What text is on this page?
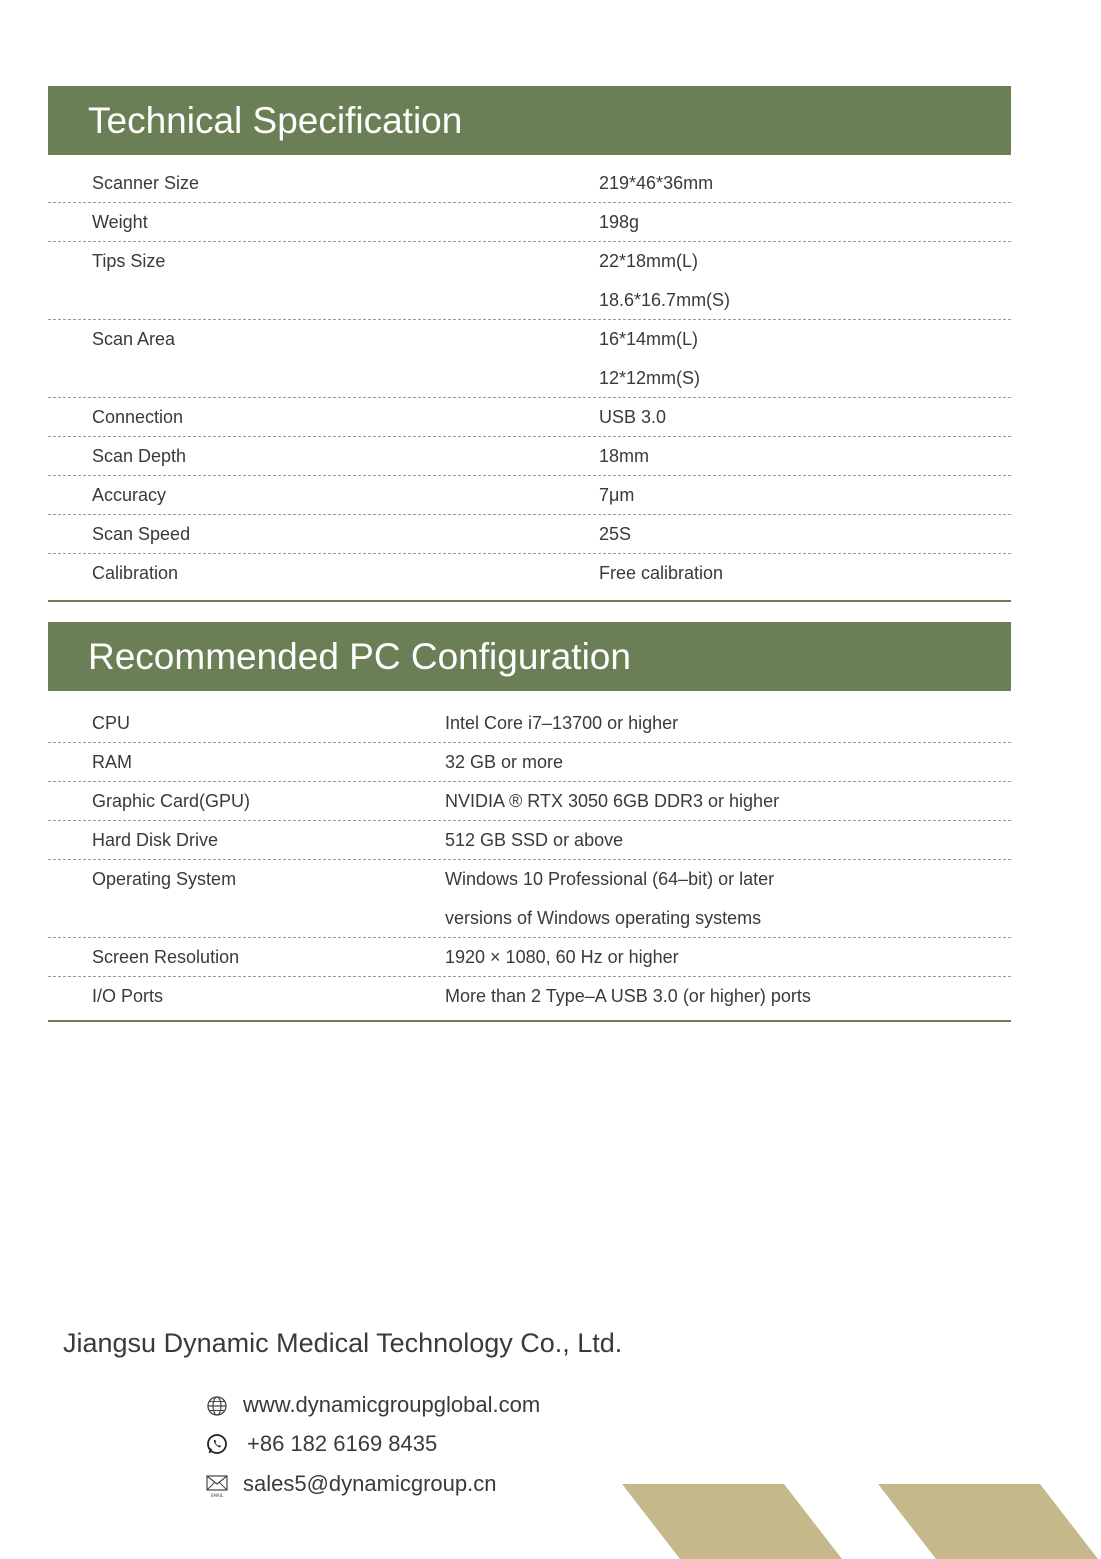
Technical Specification
Scanner Size	219*46*36mm
Weight	198g
Tips Size	22*18mm(L)
18.6*16.7mm(S)
Scan Area	16*14mm(L)
12*12mm(S)
Connection	USB 3.0
Scan Depth	18mm
Accuracy	7μm
Scan Speed	25S
Calibration	Free calibration
Recommended PC Configuration
CPU	Intel Core i7–13700 or higher
RAM	32 GB or more
Graphic Card(GPU)	NVIDIA ® RTX 3050 6GB DDR3 or higher
Hard Disk Drive	512 GB SSD or above
Operating System	Windows 10 Professional (64–bit) or later
versions of Windows operating systems
Screen Resolution	1920 × 1080, 60 Hz or higher
I/O Ports	More than 2 Type–A USB 3.0 (or higher) ports
Jiangsu Dynamic Medical Technology Co., Ltd.
www.dynamicgroupglobal.com
+86 182 6169 8435
EMAIL sales5@dynamicgroup.cn
